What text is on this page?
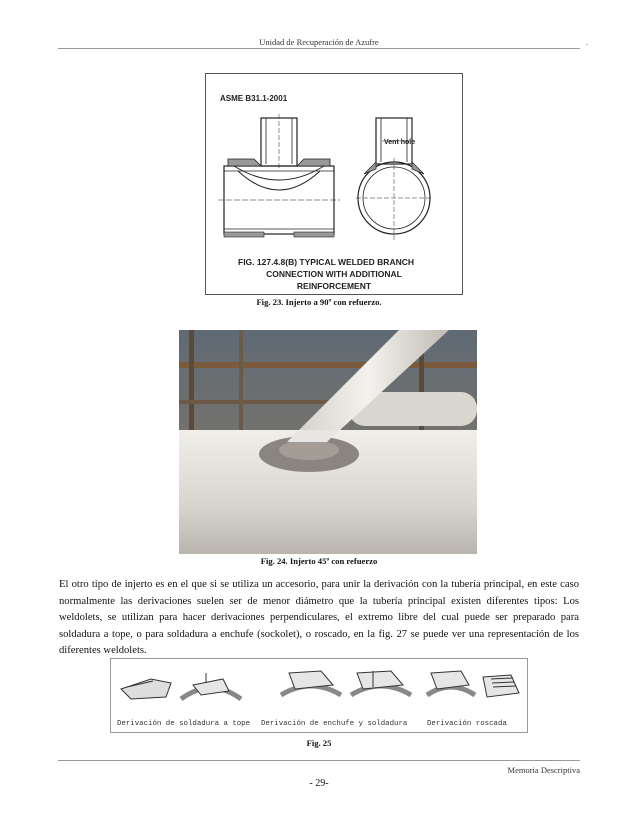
Unidad de Recuperación de Azufre	.
ASME B31.1-2001
Vent hole
FIG. 127.4.8(B) TYPICAL WELDED BRANCH
CONNECTION WITH ADDITIONAL
REINFORCEMENT
Fig. 23. Injerto a 90º con refuerzo.
Fig. 24. Injerto 45º con refuerzo
El otro tipo de injerto es en el que si se utiliza un accesorio, para unir la derivación con la tubería principal, en este caso normalmente las derivaciones suelen ser de menor diámetro que la tubería principal existen diferentes tipos: Los weldolets, se utilizan para hacer derivaciones perpendiculares, el extremo libre del cual puede ser preparado para soldadura a tope, o para soldadura a enchufe (sockolet), o roscado, en la fig. 27 se puede ver una representación de los diferentes weldolets.
Derivación de soldadura a tope Derivación de enchufe y soldadura	Derivación roscada
Fig. 25
Memoria Descriptiva
- 29-
